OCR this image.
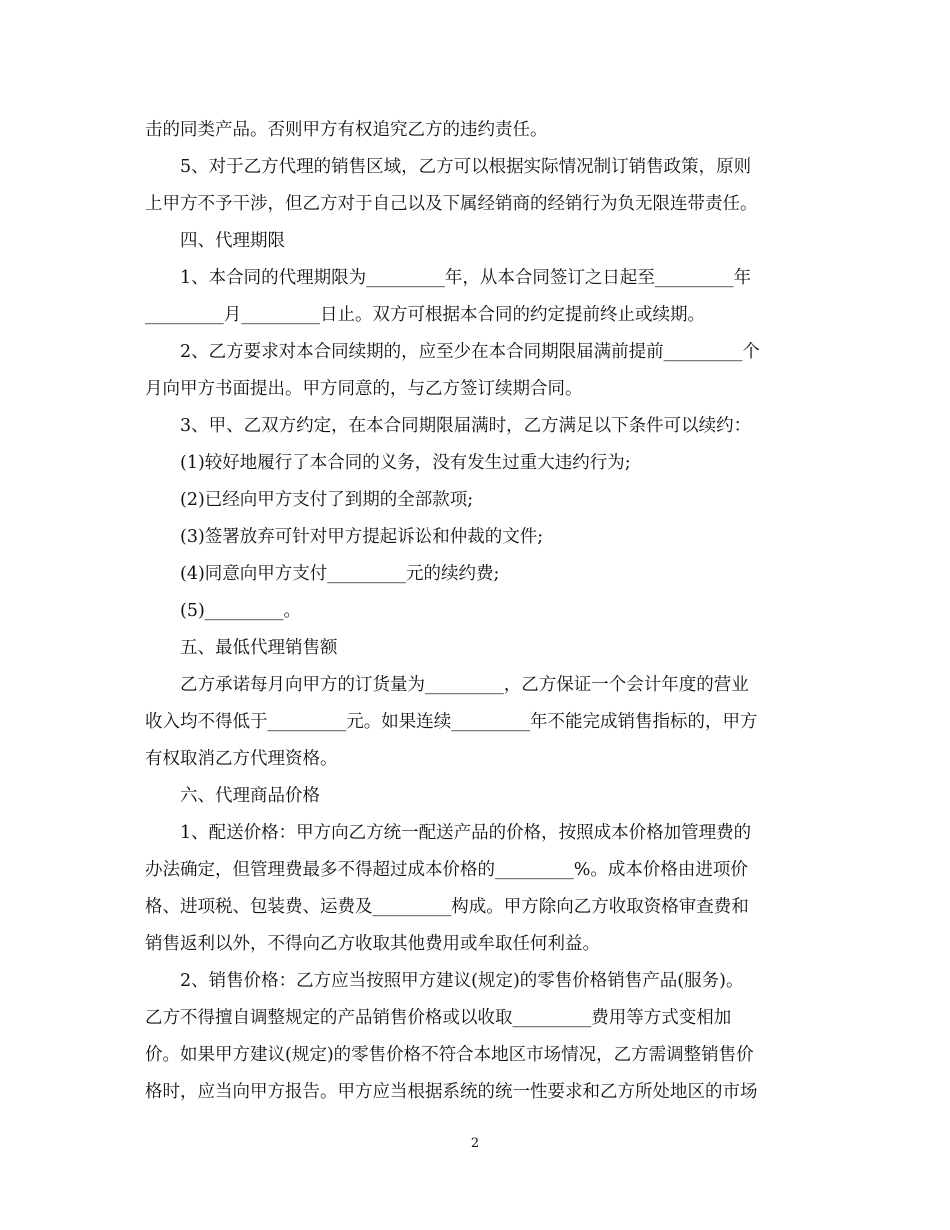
击的同类产品。否则甲方有权追究乙方的违约责任。
5、对于乙方代理的销售区域，乙方可以根据实际情况制订销售政策，原则
上甲方不予干涉，但乙方对于自己以及下属经销商的经销行为负无限连带责任。
四、代理期限
1、本合同的代理期限为_________年，从本合同签订之日起至_________年
_________月_________日止。双方可根据本合同的约定提前终止或续期。
2、乙方要求对本合同续期的，应至少在本合同期限届满前提前_________个
月向甲方书面提出。甲方同意的，与乙方签订续期合同。
3、甲、乙双方约定，在本合同期限届满时，乙方满足以下条件可以续约：
(1)较好地履行了本合同的义务，没有发生过重大违约行为;
(2)已经向甲方支付了到期的全部款项;
(3)签署放弃可针对甲方提起诉讼和仲裁的文件;
(4)同意向甲方支付_________元的续约费;
(5)_________。
五、最低代理销售额
乙方承诺每月向甲方的订货量为_________，乙方保证一个会计年度的营业
收入均不得低于_________元。如果连续_________年不能完成销售指标的，甲方
有权取消乙方代理资格。
六、代理商品价格
1、配送价格：甲方向乙方统一配送产品的价格，按照成本价格加管理费的
办法确定，但管理费最多不得超过成本价格的_________%。成本价格由进项价
格、进项税、包装费、运费及_________构成。甲方除向乙方收取资格审查费和
销售返利以外，不得向乙方收取其他费用或牟取任何利益。
2、销售价格：乙方应当按照甲方建议(规定)的零售价格销售产品(服务)。
乙方不得擅自调整规定的产品销售价格或以收取_________费用等方式变相加
价。如果甲方建议(规定)的零售价格不符合本地区市场情况，乙方需调整销售价
格时，应当向甲方报告。甲方应当根据系统的统一性要求和乙方所处地区的市场
2
